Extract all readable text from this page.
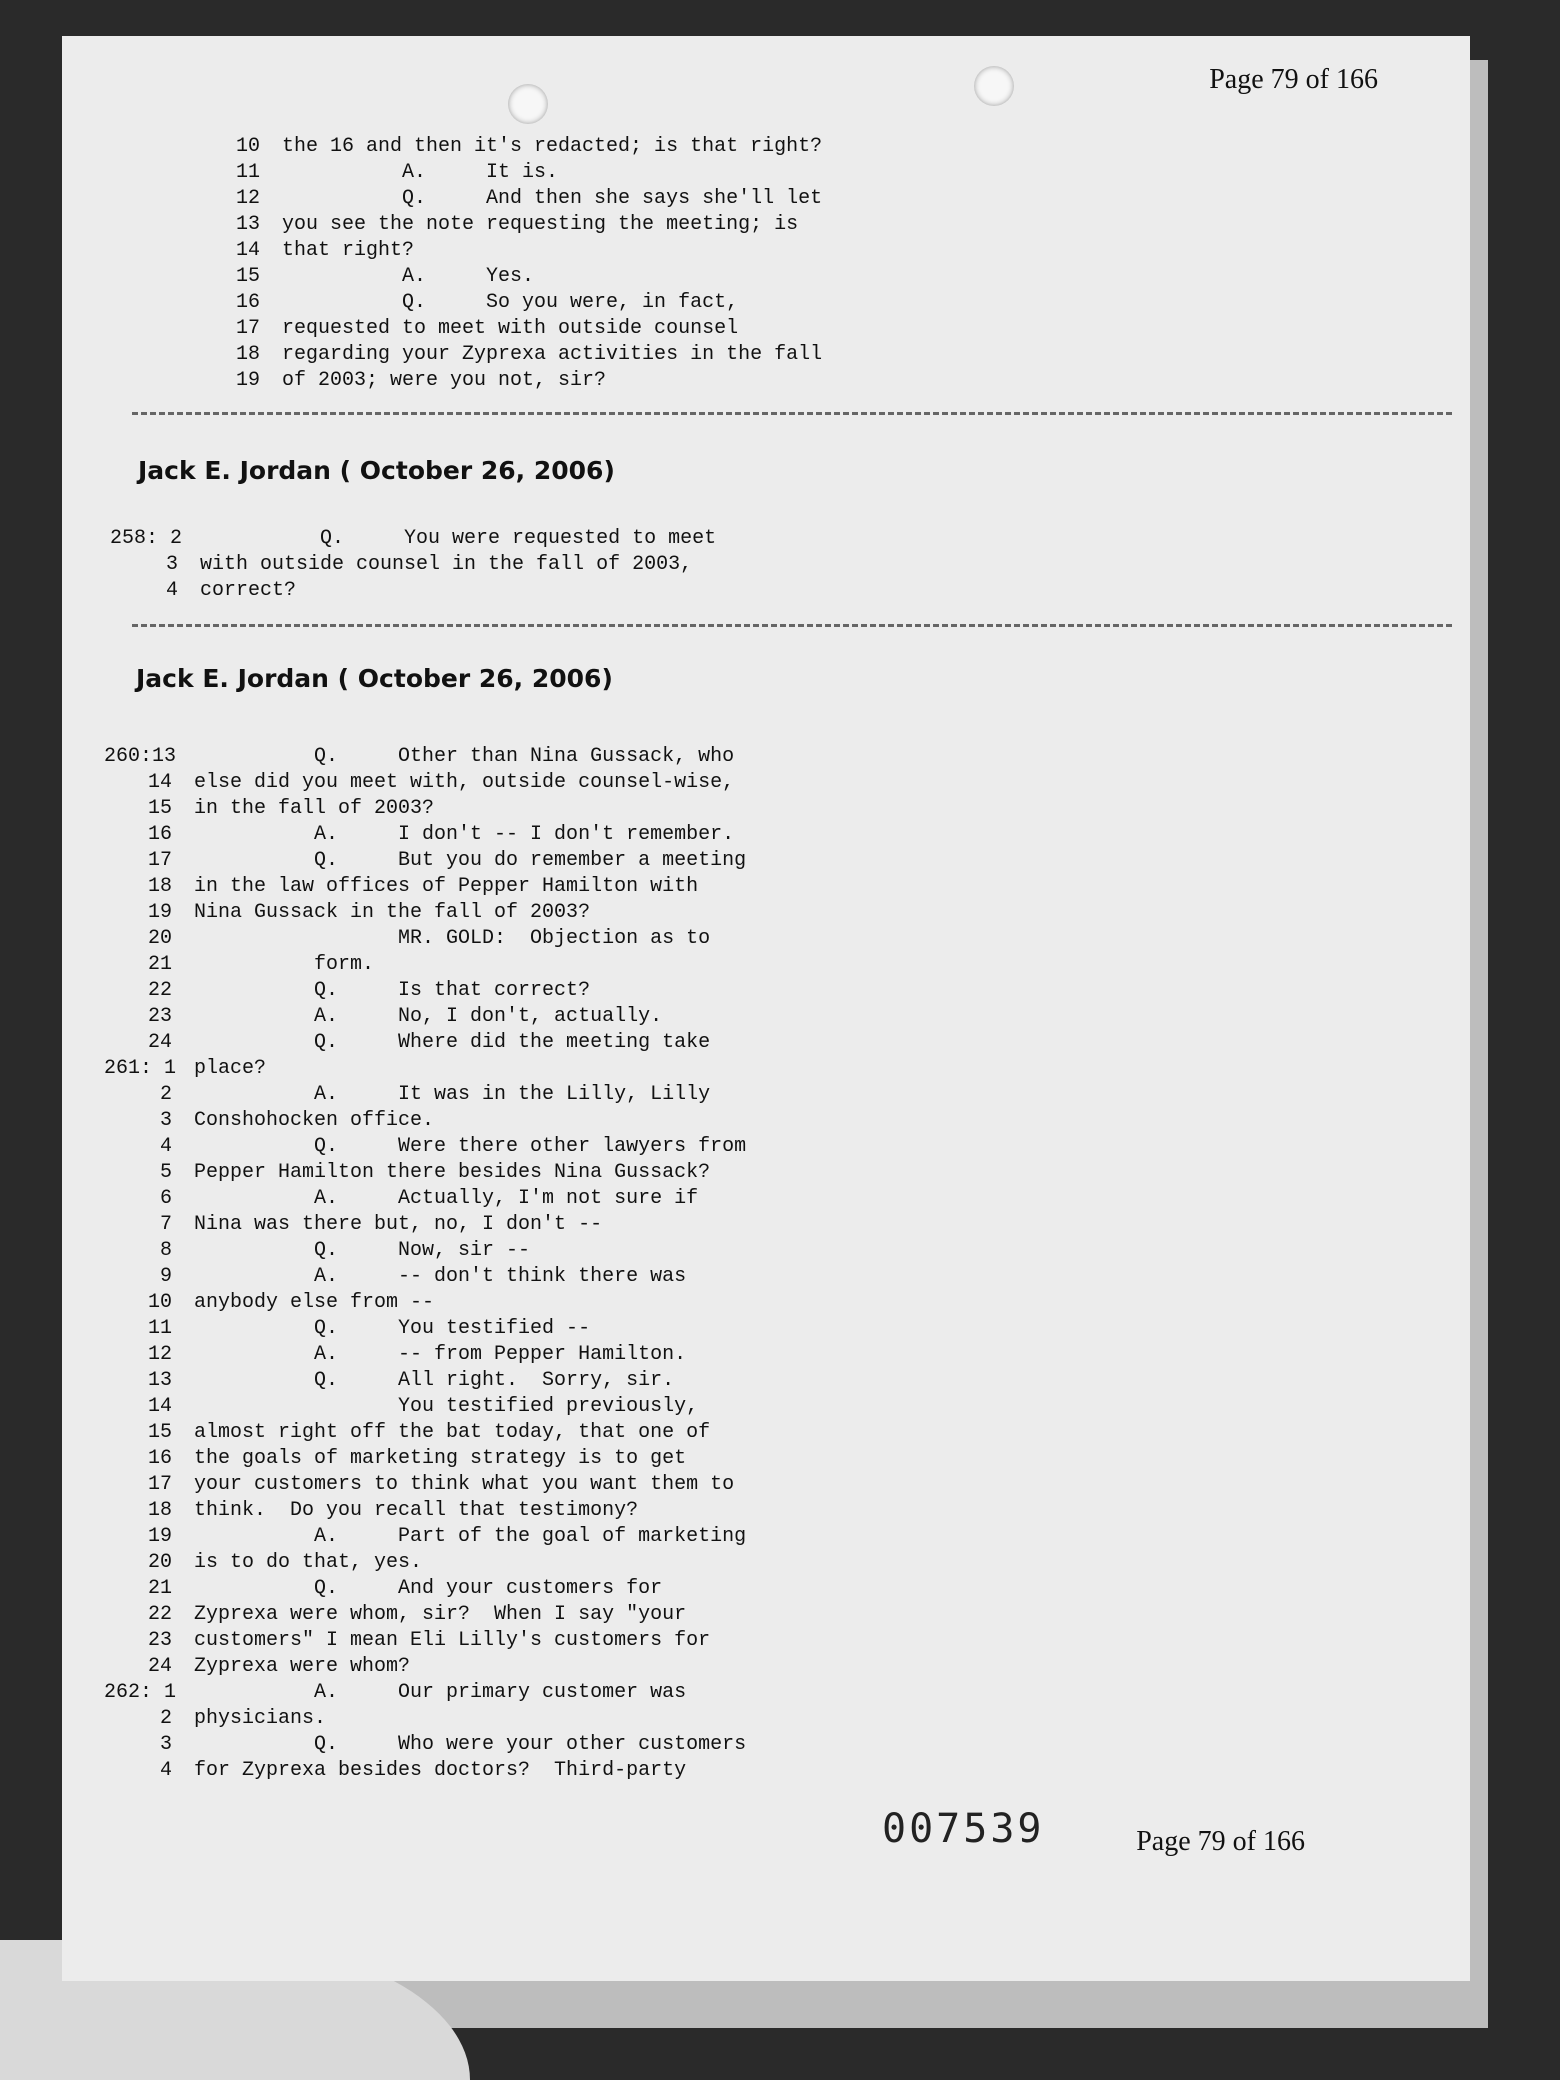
Page 79 of 166
10	the 16 and then it's redacted; is that right?
11	A.     It is.
12	Q.     And then she says she'll let
13	you see the note requesting the meeting; is
14	that right?
15	A.     Yes.
16	Q.     So you were, in fact,
17	requested to meet with outside counsel
18	regarding your Zyprexa activities in the fall
19	of 2003; were you not, sir?
Jack E. Jordan ( October 26, 2006)
258: 2 Q.     You were requested to meet
3	with outside counsel in the fall of 2003,
4	correct?
Jack E. Jordan ( October 26, 2006)
260:13 Q.     Other than Nina Gussack, who
14	else did you meet with, outside counsel-wise,
15	in the fall of 2003?
16	A.     I don't -- I don't remember.
17	Q.     But you do remember a meeting
18	in the law offices of Pepper Hamilton with
19	Nina Gussack in the fall of 2003?
20	MR. GOLD:  Objection as to
21	form.
22	Q.     Is that correct?
23	A.     No, I don't, actually.
24	Q.     Where did the meeting take
261: 1 place?
2	A.     It was in the Lilly, Lilly
3	Conshohocken office.
4	Q.     Were there other lawyers from
5	Pepper Hamilton there besides Nina Gussack?
6	A.     Actually, I'm not sure if
7	Nina was there but, no, I don't --
8	Q.     Now, sir --
9	A.     -- don't think there was
10	anybody else from --
11	Q.     You testified --
12	A.     -- from Pepper Hamilton.
13	Q.     All right.  Sorry, sir.
14	You testified previously,
15	almost right off the bat today, that one of
16	the goals of marketing strategy is to get
17	your customers to think what you want them to
18	think.  Do you recall that testimony?
19	A.     Part of the goal of marketing
20	is to do that, yes.
21	Q.     And your customers for
22	Zyprexa were whom, sir?  When I say "your
23	customers" I mean Eli Lilly's customers for
24	Zyprexa were whom?
262: 1 A.     Our primary customer was
2	physicians.
3	Q.     Who were your other customers
4	for Zyprexa besides doctors?  Third-party
007539	Page 79 of 166
